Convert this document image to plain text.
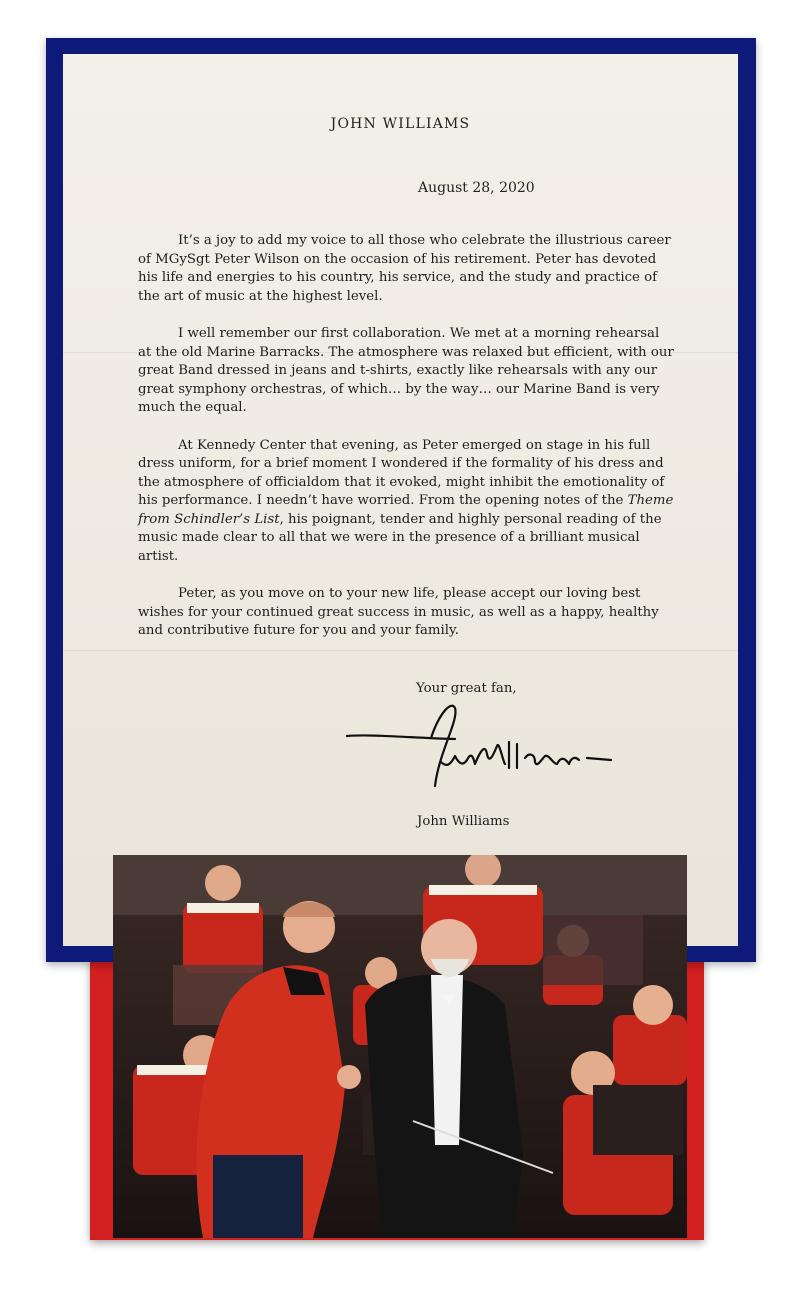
JOHN WILLIAMS
August 28, 2020

It’s a joy to add my voice to all those who celebrate the illustrious career of MGySgt Peter Wilson on the occasion of his retirement. Peter has devoted his life and energies to his country, his service, and the study and practice of the art of music at the highest level.

I well remember our first collaboration. We met at a morning rehearsal at the old Marine Barracks. The atmosphere was relaxed but efficient, with our great Band dressed in jeans and t-shirts, exactly like rehearsals with any our great symphony orchestras, of which… by the way… our Marine Band is very much the equal.

At Kennedy Center that evening, as Peter emerged on stage in his full dress uniform, for a brief moment I wondered if the formality of his dress and the atmosphere of officialdom that it evoked, might inhibit the emotionality of his performance. I needn’t have worried. From the opening notes of the Theme from Schindler’s List, his poignant, tender and highly personal reading of the music made clear to all that we were in the presence of a brilliant musical artist.

Peter, as you move on to your new life, please accept our loving best wishes for your continued great success in music, as well as a happy, healthy and contributive future for you and your family.

Your great fan,
John Williams
